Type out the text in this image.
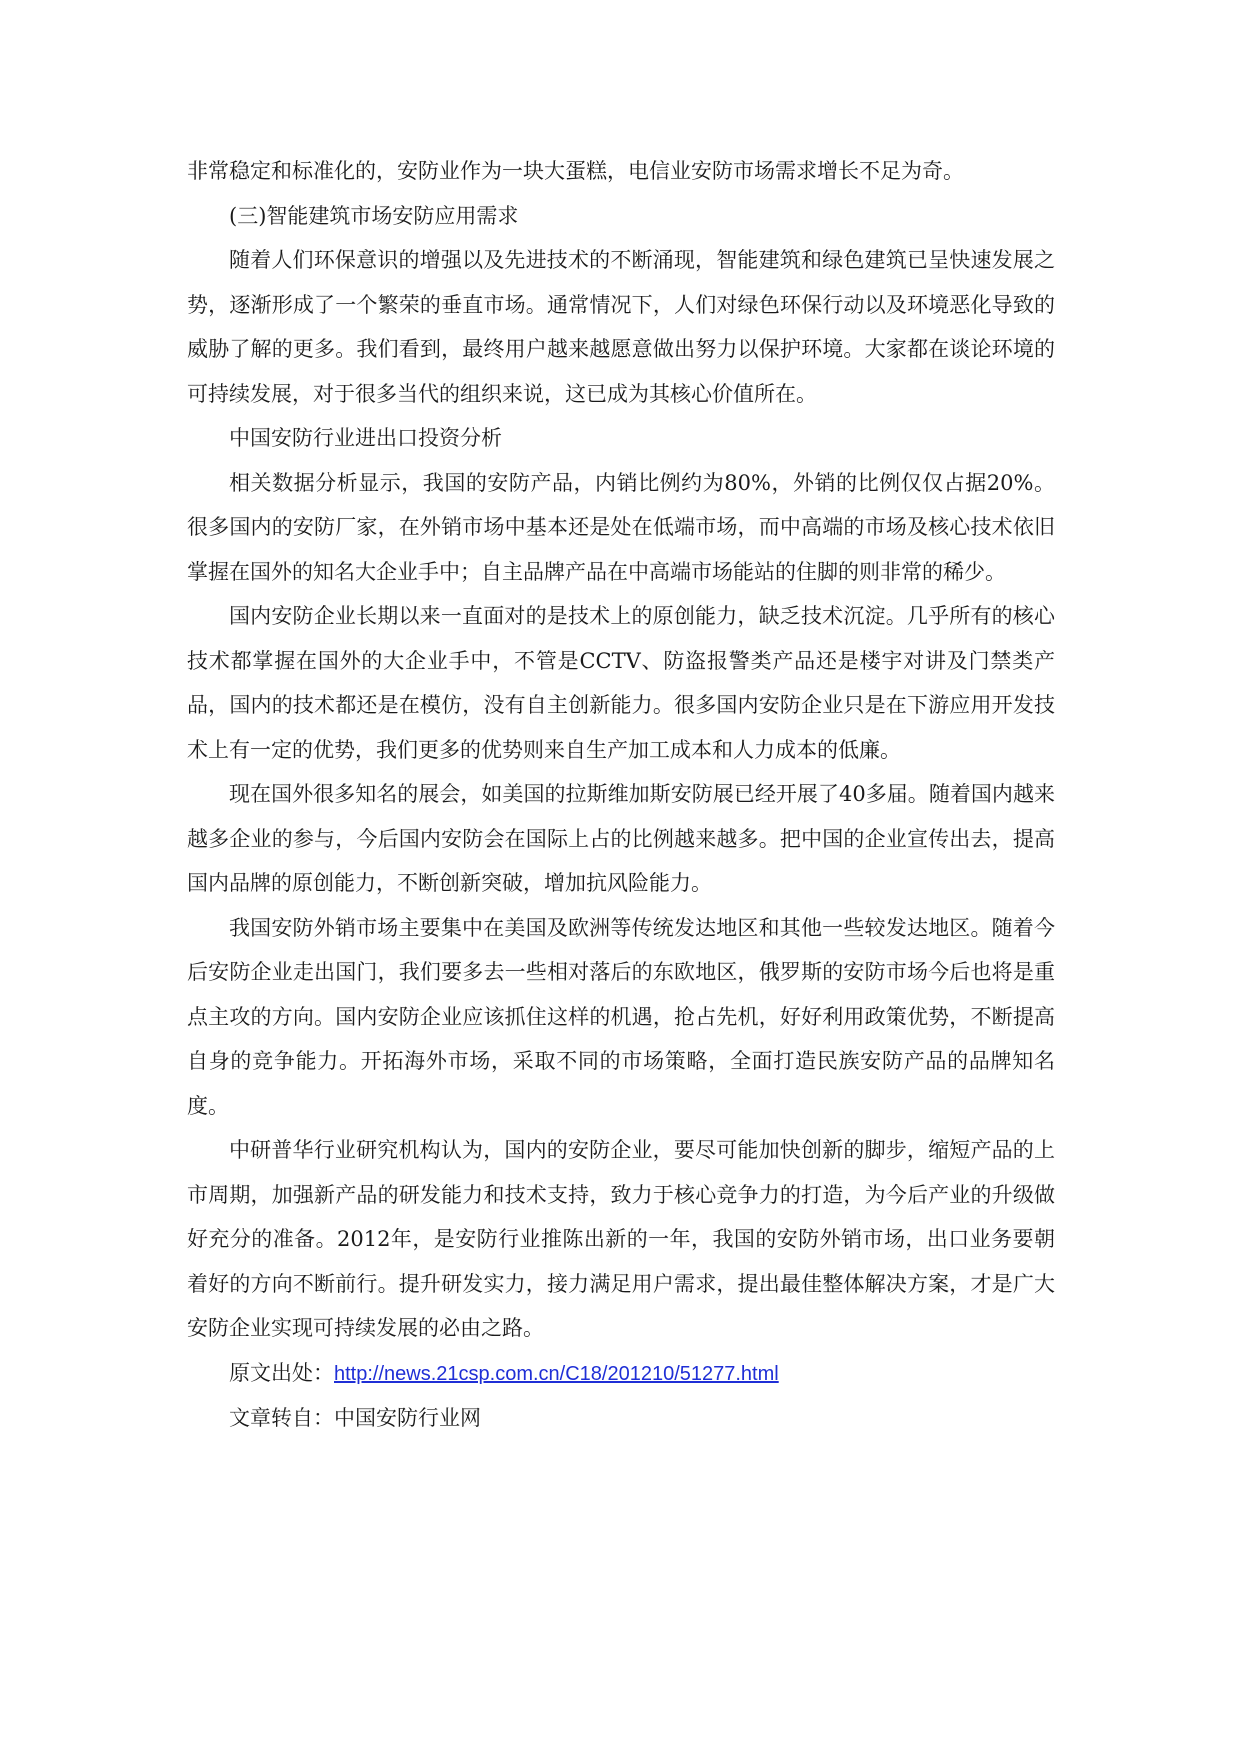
非常稳定和标准化的，安防业作为一块大蛋糕，电信业安防市场需求增长不足为奇。

(三)智能建筑市场安防应用需求

随着人们环保意识的增强以及先进技术的不断涌现，智能建筑和绿色建筑已呈快速发展之势，逐渐形成了一个繁荣的垂直市场。通常情况下，人们对绿色环保行动以及环境恶化导致的威胁了解的更多。我们看到，最终用户越来越愿意做出努力以保护环境。大家都在谈论环境的可持续发展，对于很多当代的组织来说，这已成为其核心价值所在。

中国安防行业进出口投资分析

相关数据分析显示，我国的安防产品，内销比例约为80%，外销的比例仅仅占据20%。很多国内的安防厂家，在外销市场中基本还是处在低端市场，而中高端的市场及核心技术依旧掌握在国外的知名大企业手中；自主品牌产品在中高端市场能站的住脚的则非常的稀少。

国内安防企业长期以来一直面对的是技术上的原创能力，缺乏技术沉淀。几乎所有的核心技术都掌握在国外的大企业手中，不管是CCTV、防盗报警类产品还是楼宇对讲及门禁类产品，国内的技术都还是在模仿，没有自主创新能力。很多国内安防企业只是在下游应用开发技术上有一定的优势，我们更多的优势则来自生产加工成本和人力成本的低廉。

现在国外很多知名的展会，如美国的拉斯维加斯安防展已经开展了40多届。随着国内越来越多企业的参与，今后国内安防会在国际上占的比例越来越多。把中国的企业宣传出去，提高国内品牌的原创能力，不断创新突破，增加抗风险能力。

我国安防外销市场主要集中在美国及欧洲等传统发达地区和其他一些较发达地区。随着今后安防企业走出国门，我们要多去一些相对落后的东欧地区，俄罗斯的安防市场今后也将是重点主攻的方向。国内安防企业应该抓住这样的机遇，抢占先机，好好利用政策优势，不断提高自身的竞争能力。开拓海外市场，采取不同的市场策略，全面打造民族安防产品的品牌知名度。

中研普华行业研究机构认为，国内的安防企业，要尽可能加快创新的脚步，缩短产品的上市周期，加强新产品的研发能力和技术支持，致力于核心竞争力的打造，为今后产业的升级做好充分的准备。2012年，是安防行业推陈出新的一年，我国的安防外销市场，出口业务要朝着好的方向不断前行。提升研发实力，接力满足用户需求，提出最佳整体解决方案，才是广大安防企业实现可持续发展的必由之路。

原文出处：http://news.21csp.com.cn/C18/201210/51277.html

文章转自：中国安防行业网
